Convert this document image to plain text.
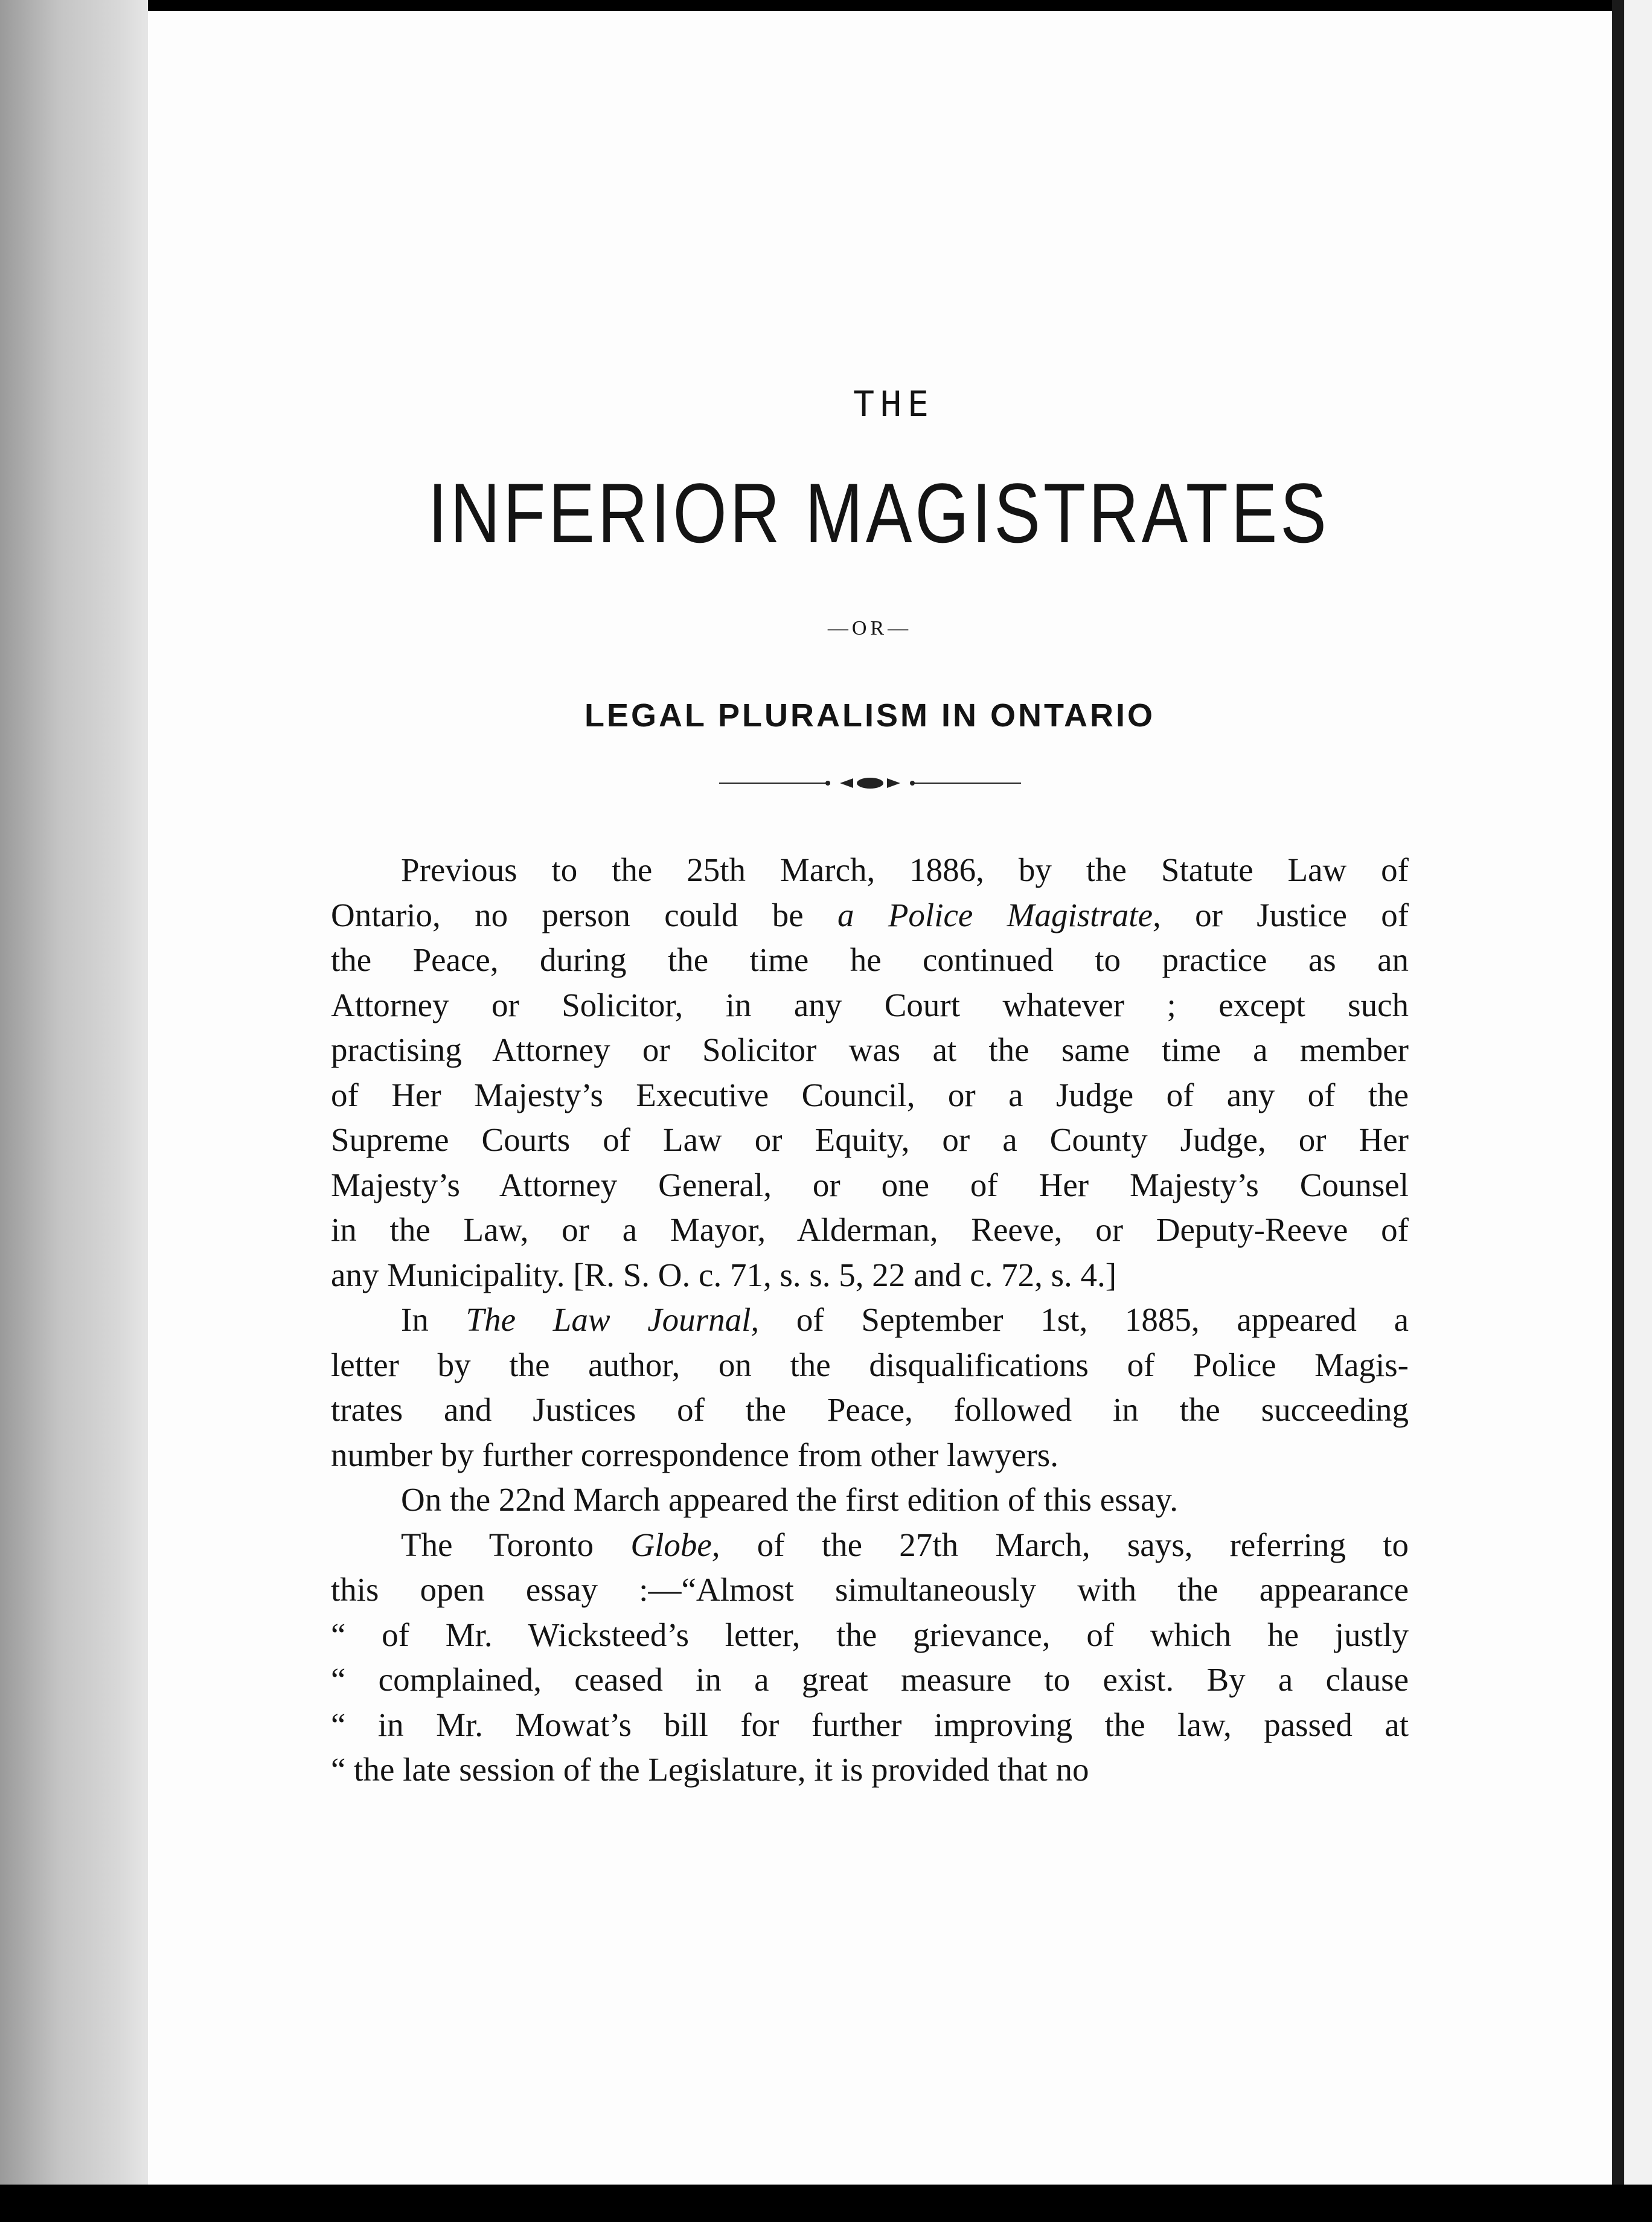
THE
INFERIOR MAGISTRATES
—OR—
LEGAL PLURALISM IN ONTARIO
Previous to the 25th March, 1886, by the Statute Law of
Ontario, no person could be a Police Magistrate, or Justice of
the Peace, during the time he continued to practice as an
Attorney or Solicitor, in any Court whatever ; except such
practising Attorney or Solicitor was at the same time a member
of Her Majesty’s Executive Council, or a Judge of any of the
Supreme Courts of Law or Equity, or a County Judge, or Her
Majesty’s Attorney General, or one of Her Majesty’s Counsel
in the Law, or a Mayor, Alderman, Reeve, or Deputy-Reeve of
any Municipality. [R. S. O. c. 71, s. s. 5, 22 and c. 72, s. 4.]
In The Law Journal, of September 1st, 1885, appeared a
letter by the author, on the disqualifications of Police Magis-
trates and Justices of the Peace, followed in the succeeding
number by further correspondence from other lawyers.
On the 22nd March appeared the first edition of this essay.
The Toronto Globe, of the 27th March, says, referring to
this open essay :—“Almost simultaneously with the appearance
“ of Mr. Wicksteed’s letter, the grievance, of which he justly
“ complained, ceased in a great measure to exist. By a clause
“ in Mr. Mowat’s bill for further improving the law, passed at
“ the late session of the Legislature, it is provided that no
